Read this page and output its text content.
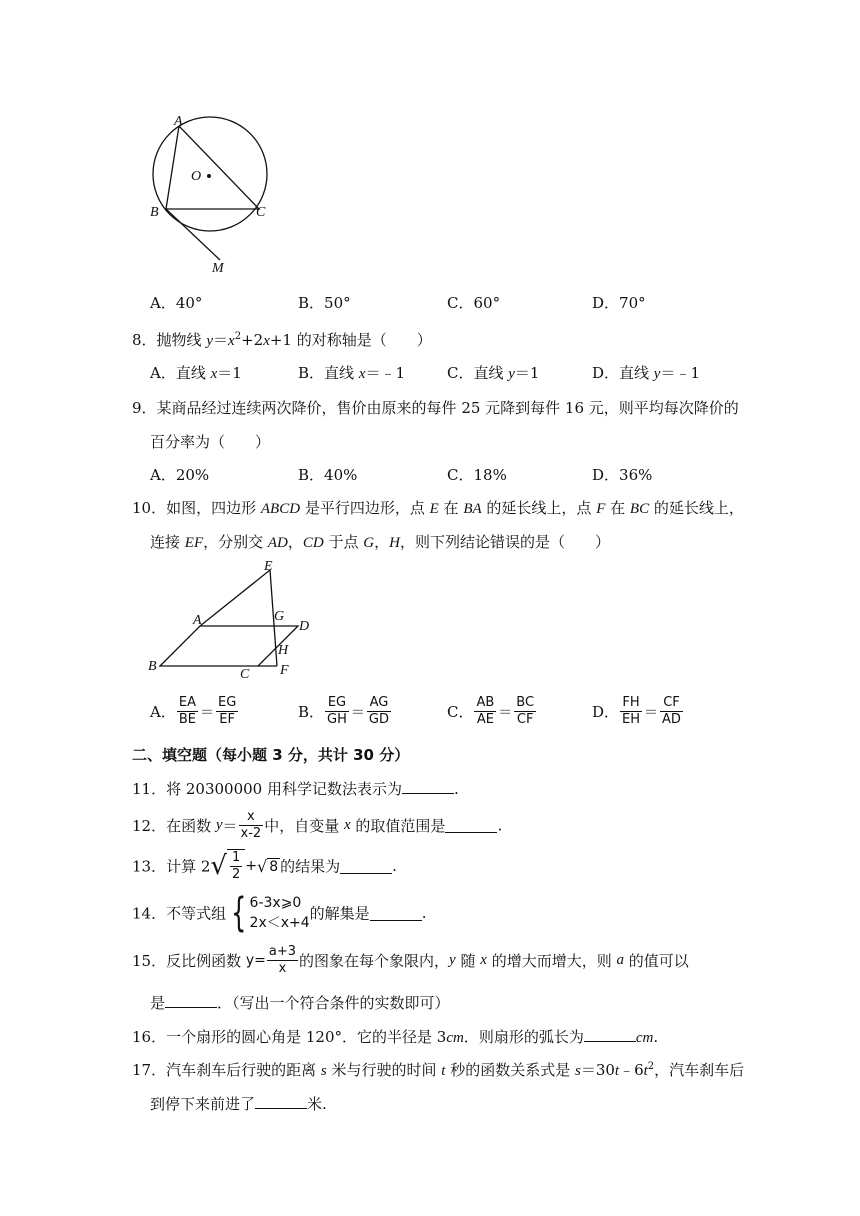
A
O
B	C
M
A．40°	B．50°	C．60°	D．70°
8．抛物线 $y=x^2+2x+1$ 的对称轴是（　　）
A．直线 x＝1	B．直线 x＝﹣1	C．直线 y＝1	D．直线 y＝﹣1
9．某商品经过连续两次降价，售价由原来的每件 25 元降到每件 16 元，则平均每次降价的
百分率为（　　）
A．20%	B．40%	C．18%	D．36%
10．如图，四边形 ABCD 是平行四边形，点 E 在 BA 的延长线上，点 F 在 BC 的延长线上，
连接 EF，分别交 AD，CD 于点 G，H，则下列结论错误的是（　　）
E
A	G
D
H
B
C F
A． $\frac{EA}{BE} = \frac{EG}{EF}$	B． $\frac{EG}{GH} = \frac{AG}{GD}$	C． $\frac{AB}{AE} = \frac{BC}{CF}$	D． $\frac{FH}{EH} = \frac{CF}{AD}$
二、填空题（每小题 3 分，共计 30 分）
11．将 20300000 用科学记数法表示为	.
12．在函数 $y= \frac{x}{x-2}$ 中，自变量 x 的取值范围是	.
13．计算 2 √ $\frac{1}{2}$ + √ 8 的结果为	.
14．不等式组 { 6-3x⩾0
2x＜x+4
的解集是	.
15．反比例函数 $y= \frac{a+3}{x}$ 的图象在每个象限内，y 随 x 的增大而增大，则 a 的值可以
是	．（写出一个符合条件的实数即可）
16．一个扇形的圆心角是 120°．它的半径是 3cm．则扇形的弧长为	cm.
17．汽车刹车后行驶的距离 s 米与行驶的时间 t 秒的函数关系式是 $s=30t﹣6t^2$，汽车刹车后
到停下来前进了	米.
